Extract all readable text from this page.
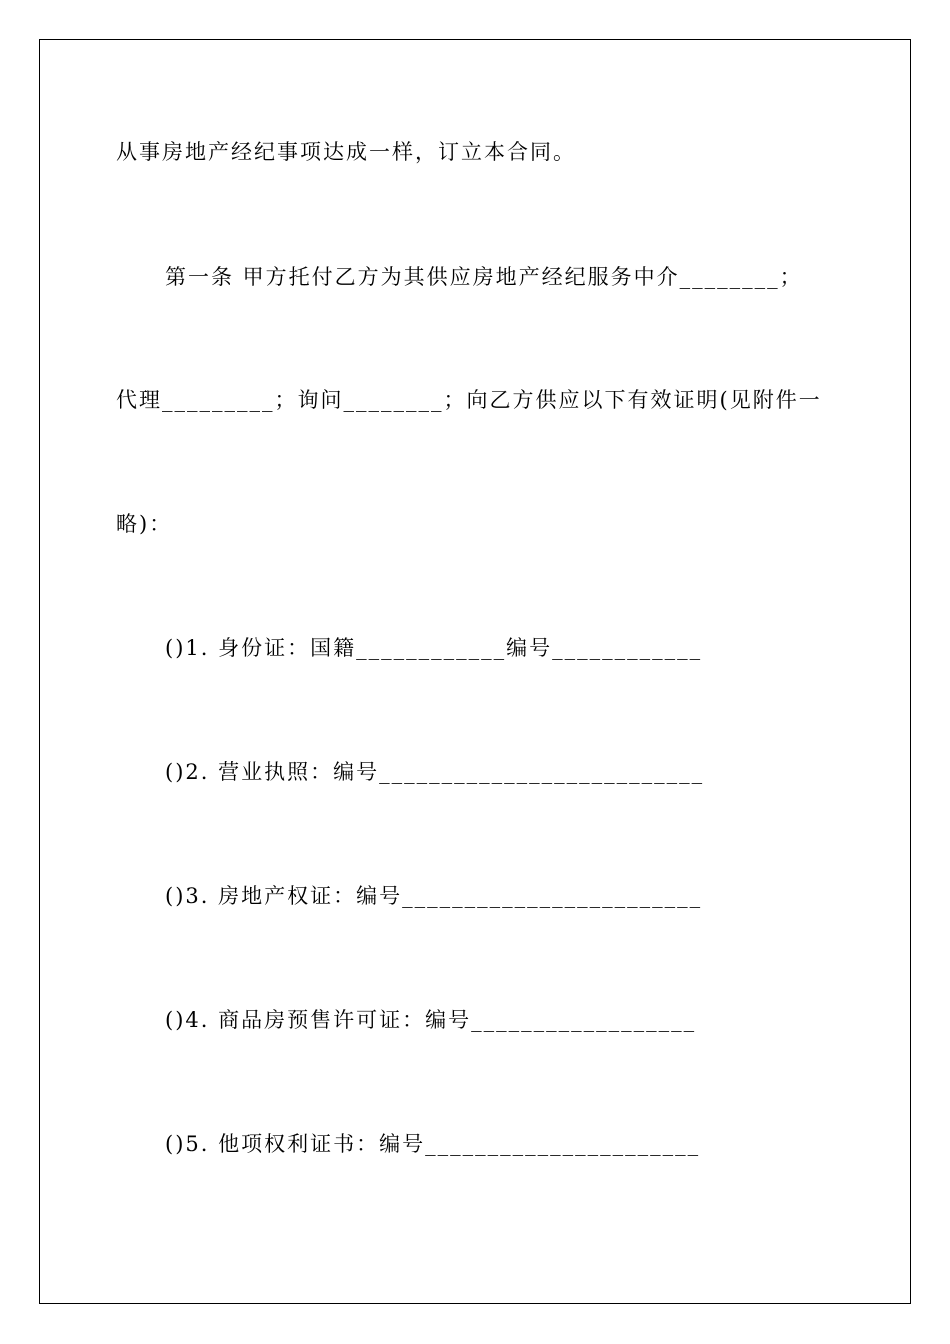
从事房地产经纪事项达成一样，订立本合同。
第一条 甲方托付乙方为其供应房地产经纪服务中介________；
代理_________；询问________；向乙方供应以下有效证明(见附件一
略)：
()1. 身份证：国籍____________编号____________
()2. 营业执照：编号__________________________
()3. 房地产权证：编号________________________
()4. 商品房预售许可证：编号__________________
()5. 他项权利证书：编号______________________
